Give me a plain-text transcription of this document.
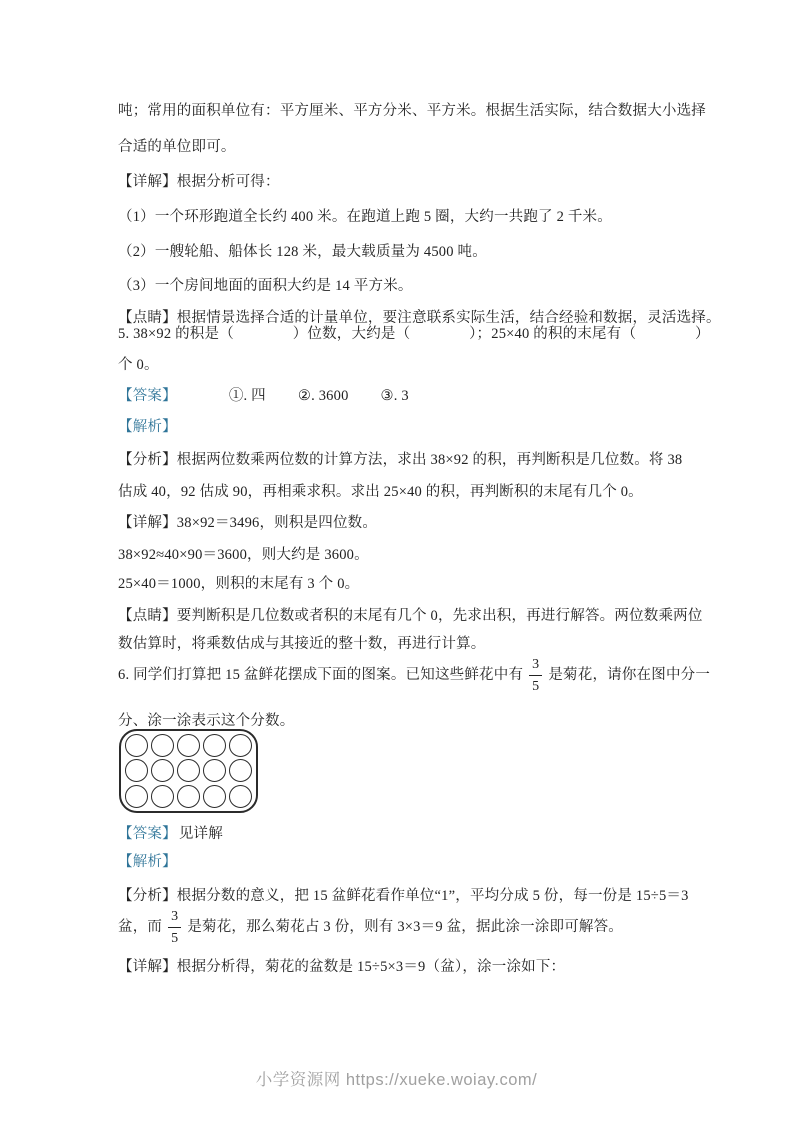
吨；常用的面积单位有：平方厘米、平方分米、平方米。根据生活实际，结合数据大小选择
合适的单位即可。
【详解】根据分析可得：
（1）一个环形跑道全长约 400 米。在跑道上跑 5 圈，大约一共跑了 2 千米。
（2）一艘轮船、船体长 128 米，最大载质量为 4500 吨。
（3）一个房间地面的面积大约是 14 平方米。
【点睛】根据情景选择合适的计量单位，要注意联系实际生活，结合经验和数据，灵活选择。
5. 38×92 的积是（　　　　）位数，大约是（　　　　）；25×40 的积的末尾有（　　　　）
个 0。
【答案】	①. 四 ②. 3600 ③. 3
【解析】
【分析】根据两位数乘两位数的计算方法，求出 38×92 的积，再判断积是几位数。将 38
估成 40，92 估成 90，再相乘求积。求出 25×40 的积，再判断积的末尾有几个 0。
【详解】38×92＝3496，则积是四位数。
38×92≈40×90＝3600，则大约是 3600。
25×40＝1000，则积的末尾有 3 个 0。
【点睛】要判断积是几位数或者积的末尾有几个 0，先求出积，再进行解答。两位数乘两位
数估算时，将乘数估成与其接近的整十数，再进行计算。
6. 同学们打算把 15 盆鲜花摆成下面的图案。已知这些鲜花中有 $\frac{3}{5}$ 是菊花，请你在图中分一
分、涂一涂表示这个分数。
【答案】 见详解
【解析】
【分析】根据分数的意义，把 15 盆鲜花看作单位“1”，平均分成 5 份，每一份是 15÷5＝3
盆，而 $\frac{3}{5}$ 是菊花，那么菊花占 3 份，则有 3×3＝9 盆，据此涂一涂即可解答。
【详解】根据分析得，菊花的盆数是 15÷5×3＝9（盆），涂一涂如下：
小学资源网 https://xueke.woiay.com/
